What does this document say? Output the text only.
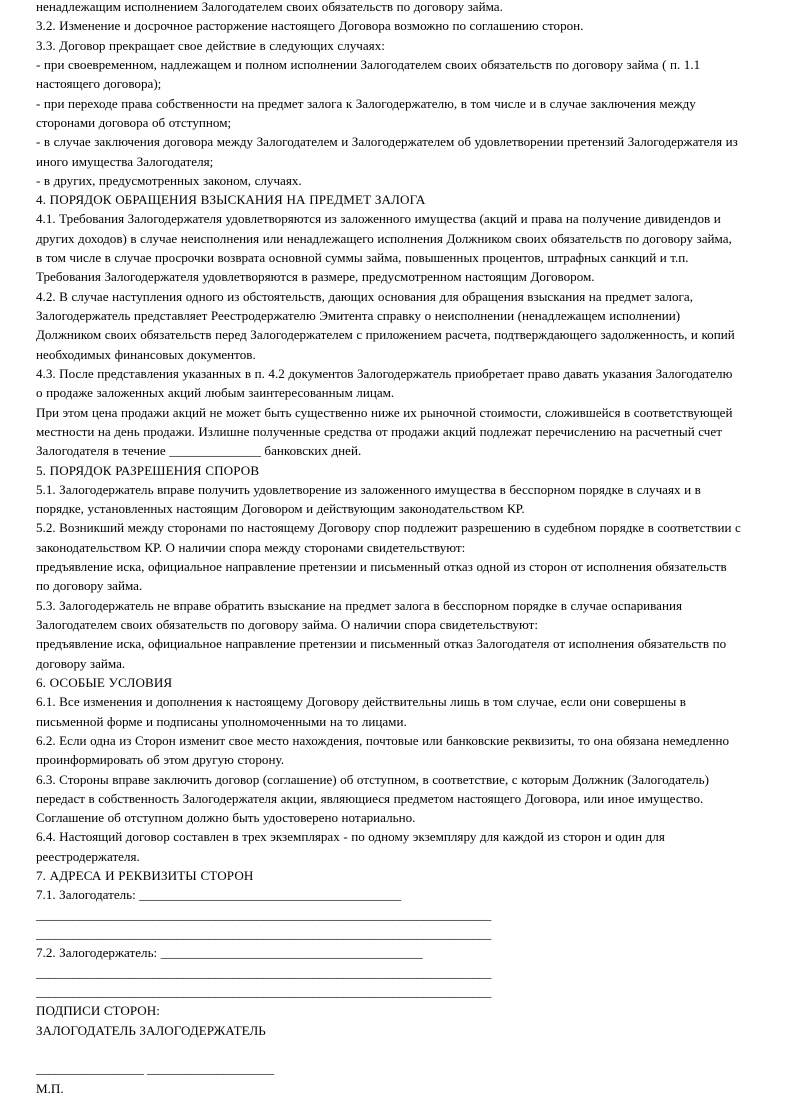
ненадлежащим исполнением Залогодателем своих обязательств по договору займа.
3.2. Изменение и досрочное расторжение настоящего Договора возможно по соглашению сторон.
3.3. Договор прекращает свое действие в следующих случаях:
- при своевременном, надлежащем и полном исполнении Залогодателем своих обязательств по договору займа ( п. 1.1
настоящего договора);
- при переходе права собственности на предмет залога к Залогодержателю, в том числе и в случае заключения между
сторонами договора об отступном;
- в случае заключения договора между Залогодателем и Залогодержателем об удовлетворении претензий Залогодержателя из
иного имущества Залогодателя;
- в других, предусмотренных законом, случаях.
4. ПОРЯДОК ОБРАЩЕНИЯ ВЗЫСКАНИЯ НА ПРЕДМЕТ ЗАЛОГА
4.1. Требования Залогодержателя удовлетворяются из заложенного имущества (акций и права на получение дивидендов и
других доходов) в случае неисполнения или ненадлежащего исполнения Должником своих обязательств по договору займа,
в том числе в случае просрочки возврата основной суммы займа, повышенных процентов, штрафных санкций и т.п.
Требования Залогодержателя удовлетворяются в размере, предусмотренном настоящим Договором.
4.2. В случае наступления одного из обстоятельств, дающих основания для обращения взыскания на предмет залога,
Залогодержатель представляет Реестродержателю Эмитента справку о неисполнении (ненадлежащем исполнении)
Должником своих обязательств перед Залогодержателем с приложением расчета, подтверждающего задолженность, и копий
необходимых финансовых документов.
4.3. После представления указанных в п. 4.2 документов Залогодержатель приобретает право давать указания Залогодателю
о продаже заложенных акций любым заинтересованным лицам.
При этом цена продажи акций не может быть существенно ниже их рыночной стоимости, сложившейся в соответствующей
местности на день продажи. Излишне полученные средства от продажи акций подлежат перечислению на расчетный счет
Залогодателя в течение ______________ банковских дней.
5. ПОРЯДОК РАЗРЕШЕНИЯ СПОРОВ
5.1. Залогодержатель вправе получить удовлетворение из заложенного имущества в бесспорном порядке в случаях и в
порядке, установленных настоящим Договором и действующим законодательством КР.
5.2. Возникший между сторонами по настоящему Договору спор подлежит разрешению в судебном порядке в соответствии с
законодательством КР. О наличии спора между сторонами свидетельствуют:
предъявление иска, официальное направление претензии и письменный отказ одной из сторон от исполнения обязательств
по договору займа.
5.3. Залогодержатель не вправе обратить взыскание на предмет залога в бесспорном порядке в случае оспаривания
Залогодателем своих обязательств по договору займа. О наличии спора свидетельствуют:
предъявление иска, официальное направление претензии и письменный отказ Залогодателя от исполнения обязательств по
договору займа.
6. ОСОБЫЕ УСЛОВИЯ
6.1. Все изменения и дополнения к настоящему Договору действительны лишь в том случае, если они совершены в
письменной форме и подписаны уполномоченными на то лицами.
6.2. Если одна из Сторон изменит свое место нахождения, почтовые или банковские реквизиты, то она обязана немедленно
проинформировать об этом другую сторону.
6.3. Стороны вправе заключить договор (соглашение) об отступном, в соответствие, с которым Должник (Залогодатель)
передаст в собственность Залогодержателя акции, являющиеся предметом настоящего Договора, или иное имущество.
Соглашение об отступном должно быть удостоверено нотариально.
6.4. Настоящий договор составлен в трех экземплярах - по одному экземпляру для каждой из сторон и один для
реестродержателя.
7. АДРЕСА И РЕКВИЗИТЫ СТОРОН
7.1. Залогодатель: ________________________________________
__________________________________________________________________________
__________________________________________________________________________
7.2. Залогодержатель: ________________________________________
__________________________________________________________________________
__________________________________________________________________________
ПОДПИСИ СТОРОН:
ЗАЛОГОДАТЕЛЬ ЗАЛОГОДЕРЖАТЕЛЬ
_________________ ____________________
М.П.
